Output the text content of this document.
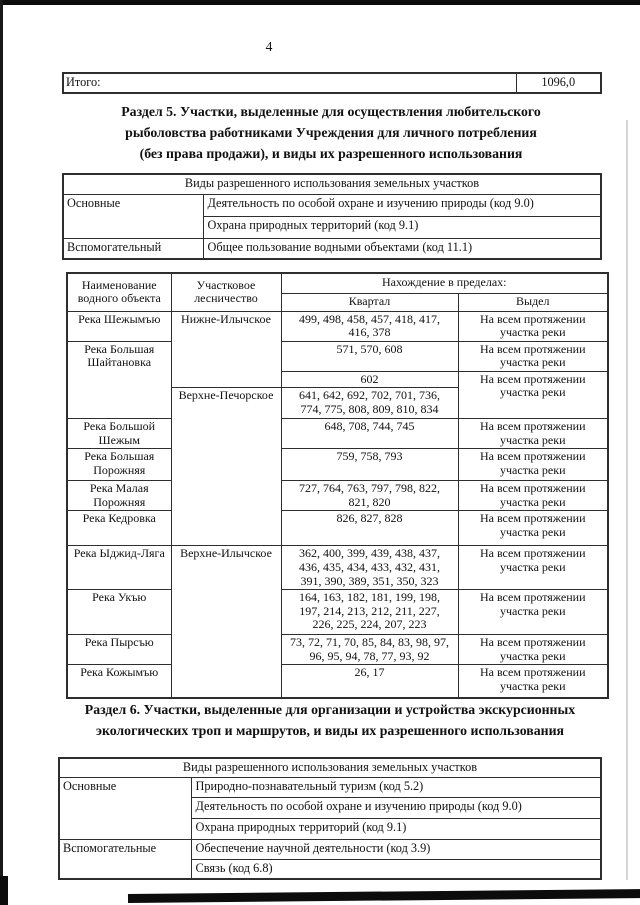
4
Итого:	1096,0
Раздел 5. Участки, выделенные для осуществления любительского
рыболовства работниками Учреждения для личного потребления
(без права продажи), и виды их разрешенного использования
Виды разрешенного использования земельных участков	
Основные	Деятельность по особой охране и изучению природы (код 9.0)
	Охрана природных территорий (код 9.1)
Вспомогательный	Общее пользование водными объектами (код 11.1)
Наименование водного объекта	Участковое лесничество	Нахождение в пределах:	
		Квартал	Выдел
Река Шежымъю	Нижне-Илычское	499, 498, 458, 457, 418, 417,
416, 378	На всем протяжении участка реки
Река Большая Шайтановка		571, 570, 608	На всем протяжении участка реки

		602	На всем протяжении участка реки
	Верхне-Печорское	641, 642, 692, 702, 701, 736,
774, 775, 808, 809, 810, 834	

Река Большой Шежым		648, 708, 744, 745	На всем протяжении участка реки
Река Большая Порожняя		759, 758, 793	На всем протяжении участка реки
Река Малая Порожняя		727, 764, 763, 797, 798, 822,
821, 820	На всем протяжении участка реки
Река Кедровка		826, 827, 828	На всем протяжении участка реки
Река Ыджид-Ляга	Верхне-Илычское	362, 400, 399, 439, 438, 437,
436, 435, 434, 433, 432, 431,
391, 390, 389, 351, 350, 323	На всем протяжении участка реки
Река Укъю		164, 163, 182, 181, 199, 198,
197, 214, 213, 212, 211, 227,
226, 225, 224, 207, 223	На всем протяжении участка реки
Река Пырсъю		73, 72, 71, 70, 85, 84, 83, 98, 97,
96, 95, 94, 78, 77, 93, 92	На всем протяжении участка реки
Река Кожымъю		26, 17	На всем протяжении участка реки
Раздел 6. Участки, выделенные для организации и устройства экскурсионных
экологических троп и маршрутов, и виды их разрешенного использования
Виды разрешенного использования земельных участков	
Основные	Природно-познавательный туризм (код 5.2)
	Деятельность по особой охране и изучению природы (код 9.0)
	Охрана природных территорий (код 9.1)
Вспомогательные	Обеспечение научной деятельности (код 3.9)
	Связь (код 6.8)
